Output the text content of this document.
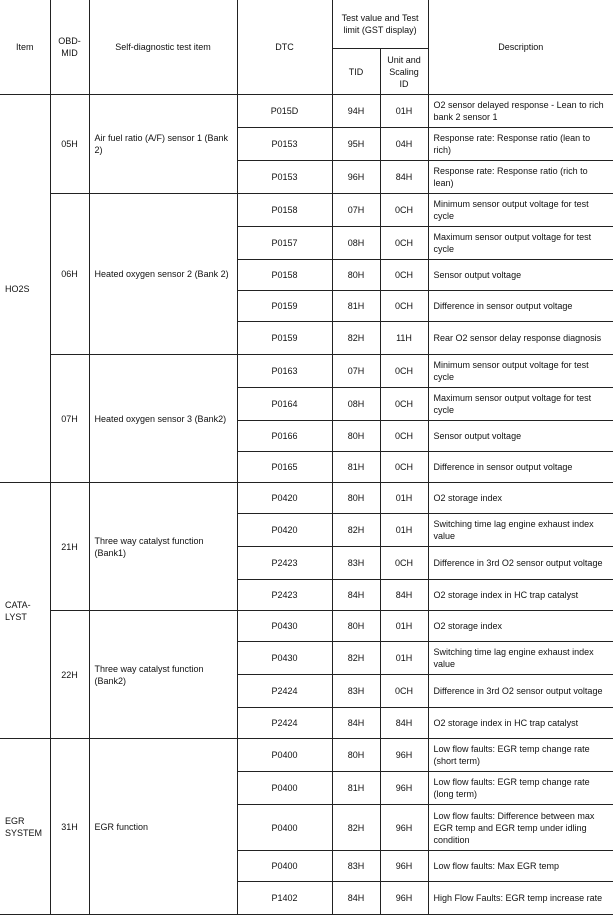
Item	OBD-MID	Self-diagnostic test item	DTC	Test value and Test limit (GST display)		Description
				TID	Unit and Scaling ID	
HO2S	05H	Air fuel ratio (A/F) sensor 1 (Bank 2)	P015D	94H	01H	O2 sensor delayed response - Lean to rich bank 2 sensor 1
			P0153	95H	04H	Response rate: Response ratio (lean to rich)
			P0153	96H	84H	Response rate: Response ratio (rich to lean)
	06H	Heated oxygen sensor 2 (Bank 2)	P0158	07H	0CH	Minimum sensor output voltage for test cycle
			P0157	08H	0CH	Maximum sensor output voltage for test cycle
			P0158	80H	0CH	Sensor output voltage
			P0159	81H	0CH	Difference in sensor output voltage
			P0159	82H	11H	Rear O2 sensor delay response diagnosis
	07H	Heated oxygen sensor 3 (Bank2)	P0163	07H	0CH	Minimum sensor output voltage for test cycle
			P0164	08H	0CH	Maximum sensor output voltage for test cycle
			P0166	80H	0CH	Sensor output voltage
			P0165	81H	0CH	Difference in sensor output voltage
CATA-LYST	21H	Three way catalyst function (Bank1)	P0420	80H	01H	O2 storage index
			P0420	82H	01H	Switching time lag engine exhaust index value
			P2423	83H	0CH	Difference in 3rd O2 sensor output voltage
			P2423	84H	84H	O2 storage index in HC trap catalyst
	22H	Three way catalyst function (Bank2)	P0430	80H	01H	O2 storage index
			P0430	82H	01H	Switching time lag engine exhaust index value
			P2424	83H	0CH	Difference in 3rd O2 sensor output voltage
			P2424	84H	84H	O2 storage index in HC trap catalyst
EGR SYSTEM	31H	EGR function	P0400	80H	96H	Low flow faults: EGR temp change rate (short term)
			P0400	81H	96H	Low flow faults: EGR temp change rate (long term)
			P0400	82H	96H	Low flow faults: Difference between max EGR temp and EGR temp under idling condition
			P0400	83H	96H	Low flow faults: Max EGR temp
			P1402	84H	96H	High Flow Faults: EGR temp increase rate
